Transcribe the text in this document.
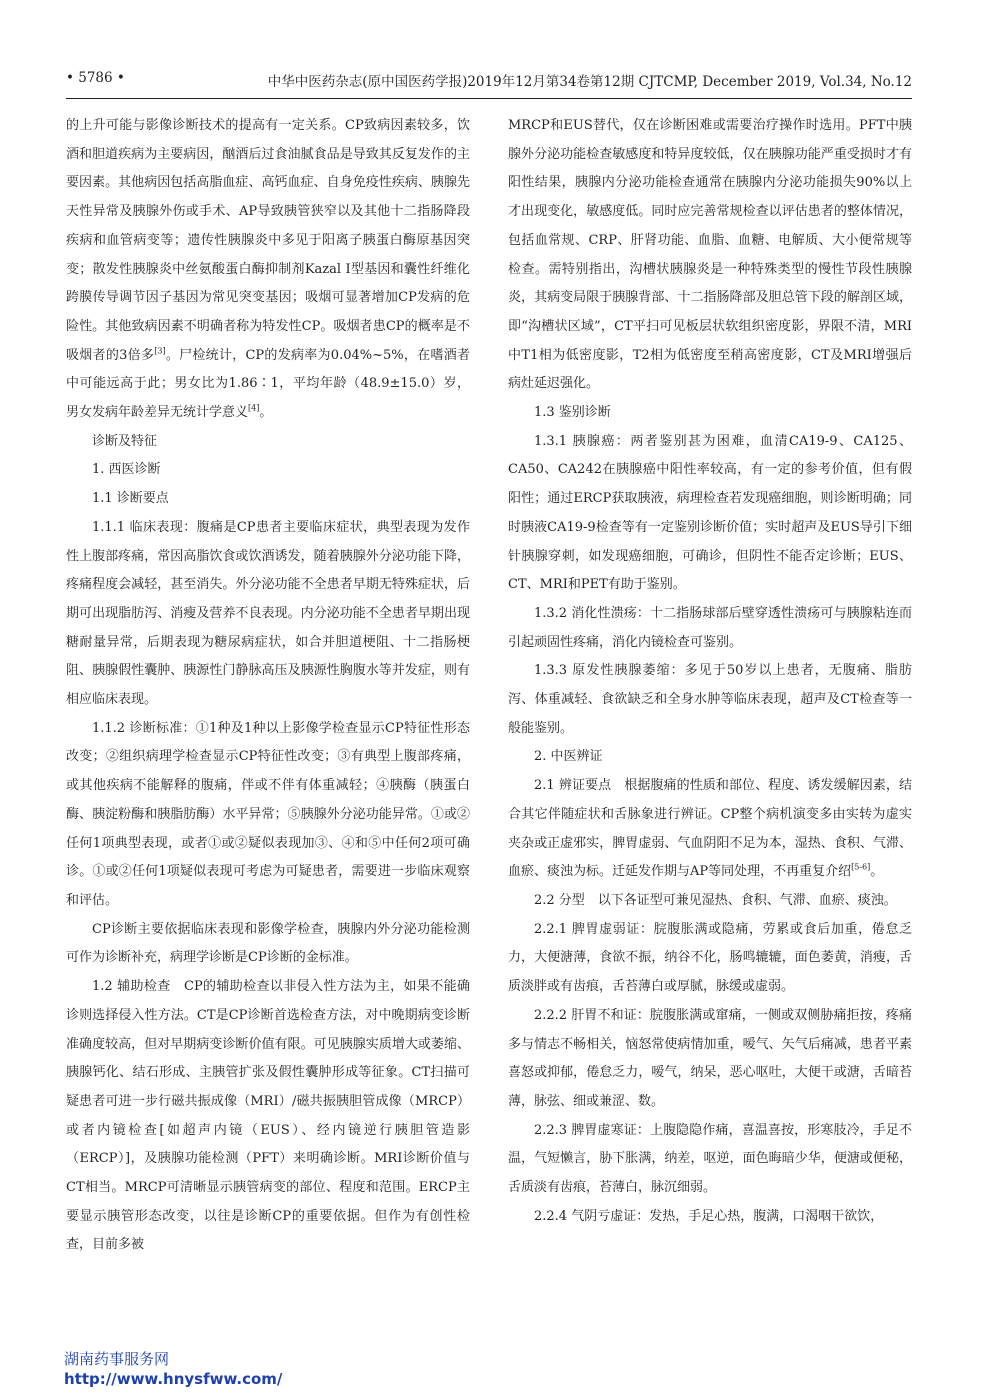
• 5786 •	中华中医药杂志(原中国医药学报)2019年12月第34卷第12期 CJTCMP, December 2019, Vol.34, No.12

的上升可能与影像诊断技术的提高有一定关系。CP致病因素较多，饮酒和胆道疾病为主要病因，酗酒后过食油腻食品是导致其反复发作的主要因素。其他病因包括高脂血症、高钙血症、自身免疫性疾病、胰腺先天性异常及胰腺外伤或手术、AP导致胰管狭窄以及其他十二指肠降段疾病和血管病变等；遗传性胰腺炎中多见于阳离子胰蛋白酶原基因突变；散发性胰腺炎中丝氨酸蛋白酶抑制剂Kazal Ⅰ型基因和囊性纤维化跨膜传导调节因子基因为常见突变基因；吸烟可显著增加CP发病的危险性。其他致病因素不明确者称为特发性CP。吸烟者患CP的概率是不吸烟者的3倍多[3]。尸检统计，CP的发病率为0.04%~5%，在嗜酒者中可能远高于此；男女比为1.86∶1，平均年龄（48.9±15.0）岁，男女发病年龄差异无统计学意义[4]。

诊断及特征

1. 西医诊断

1.1 诊断要点

1.1.1 临床表现：腹痛是CP患者主要临床症状，典型表现为发作性上腹部疼痛，常因高脂饮食或饮酒诱发，随着胰腺外分泌功能下降，疼痛程度会减轻，甚至消失。外分泌功能不全患者早期无特殊症状，后期可出现脂肪泻、消瘦及营养不良表现。内分泌功能不全患者早期出现糖耐量异常，后期表现为糖尿病症状，如合并胆道梗阻、十二指肠梗阻、胰腺假性囊肿、胰源性门静脉高压及胰源性胸腹水等并发症，则有相应临床表现。

1.1.2 诊断标准：①1种及1种以上影像学检查显示CP特征性形态改变；②组织病理学检查显示CP特征性改变；③有典型上腹部疼痛，或其他疾病不能解释的腹痛，伴或不伴有体重减轻；④胰酶（胰蛋白酶、胰淀粉酶和胰脂肪酶）水平异常；⑤胰腺外分泌功能异常。①或②任何1项典型表现，或者①或②疑似表现加③、④和⑤中任何2项可确诊。①或②任何1项疑似表现可考虑为可疑患者，需要进一步临床观察和评估。

CP诊断主要依据临床表现和影像学检查，胰腺内外分泌功能检测可作为诊断补充，病理学诊断是CP诊断的金标准。

1.2 辅助检查　CP的辅助检查以非侵入性方法为主，如果不能确诊则选择侵入性方法。CT是CP诊断首选检查方法，对中晚期病变诊断准确度较高，但对早期病变诊断价值有限。可见胰腺实质增大或萎缩、胰腺钙化、结石形成、主胰管扩张及假性囊肿形成等征象。CT扫描可疑患者可进一步行磁共振成像（MRI）/磁共振胰胆管成像（MRCP）或者内镜检查[如超声内镜（EUS）、经内镜逆行胰胆管造影（ERCP）]，及胰腺功能检测（PFT）来明确诊断。MRI诊断价值与CT相当。MRCP可清晰显示胰管病变的部位、程度和范围。ERCP主要显示胰管形态改变，以往是诊断CP的重要依据。但作为有创性检查，目前多被

MRCP和EUS替代，仅在诊断困难或需要治疗操作时选用。PFT中胰腺外分泌功能检查敏感度和特异度较低，仅在胰腺功能严重受损时才有阳性结果，胰腺内分泌功能检查通常在胰腺内分泌功能损失90%以上才出现变化，敏感度低。同时应完善常规检查以评估患者的整体情况，包括血常规、CRP、肝肾功能、血脂、血糖、电解质、大小便常规等检查。需特别指出，沟槽状胰腺炎是一种特殊类型的慢性节段性胰腺炎，其病变局限于胰腺背部、十二指肠降部及胆总管下段的解剖区域，即“沟槽状区域”，CT平扫可见板层状软组织密度影，界限不清，MRI中T1相为低密度影，T2相为低密度至稍高密度影，CT及MRI增强后病灶延迟强化。

1.3 鉴别诊断

1.3.1 胰腺癌：两者鉴别甚为困难，血清CA19-9、CA125、CA50、CA242在胰腺癌中阳性率较高，有一定的参考价值，但有假阳性；通过ERCP获取胰液，病理检查若发现癌细胞，则诊断明确；同时胰液CA19-9检查等有一定鉴别诊断价值；实时超声及EUS导引下细针胰腺穿刺，如发现癌细胞，可确诊，但阴性不能否定诊断；EUS、CT、MRI和PET有助于鉴别。

1.3.2 消化性溃疡：十二指肠球部后壁穿透性溃疡可与胰腺粘连而引起顽固性疼痛，消化内镜检查可鉴别。

1.3.3 原发性胰腺萎缩：多见于50岁以上患者，无腹痛、脂肪泻、体重减轻、食欲缺乏和全身水肿等临床表现，超声及CT检查等一般能鉴别。

2. 中医辨证

2.1 辨证要点　根据腹痛的性质和部位、程度、诱发缓解因素，结合其它伴随症状和舌脉象进行辨证。CP整个病机演变多由实转为虚实夹杂或正虚邪实，脾胃虚弱、气血阴阳不足为本，湿热、食积、气滞、血瘀、痰浊为标。迁延发作期与AP等同处理，不再重复介绍[5-6]。

2.2 分型　以下各证型可兼见湿热、食积、气滞、血瘀、痰浊。

2.2.1 脾胃虚弱证：脘腹胀满或隐痛，劳累或食后加重，倦怠乏力，大便溏薄，食欲不振，纳谷不化，肠鸣辘辘，面色萎黄，消瘦，舌质淡胖或有齿痕，舌苔薄白或厚腻，脉缓或虚弱。

2.2.2 肝胃不和证：脘腹胀满或窜痛，一侧或双侧胁痛拒按，疼痛多与情志不畅相关，恼怒常使病情加重，嗳气、矢气后痛减，患者平素喜怒或抑郁，倦怠乏力，嗳气，纳呆，恶心呕吐，大便干或溏，舌暗苔薄，脉弦、细或兼涩、数。

2.2.3 脾胃虚寒证：上腹隐隐作痛，喜温喜按，形寒肢冷，手足不温，气短懒言，胁下胀满，纳差，呕逆，面色晦暗少华，便溏或便秘，舌质淡有齿痕，苔薄白，脉沉细弱。

2.2.4 气阴亏虚证：发热，手足心热，腹满，口渴咽干欲饮，

湖南药事服务网
http://www.hnysfww.com/
